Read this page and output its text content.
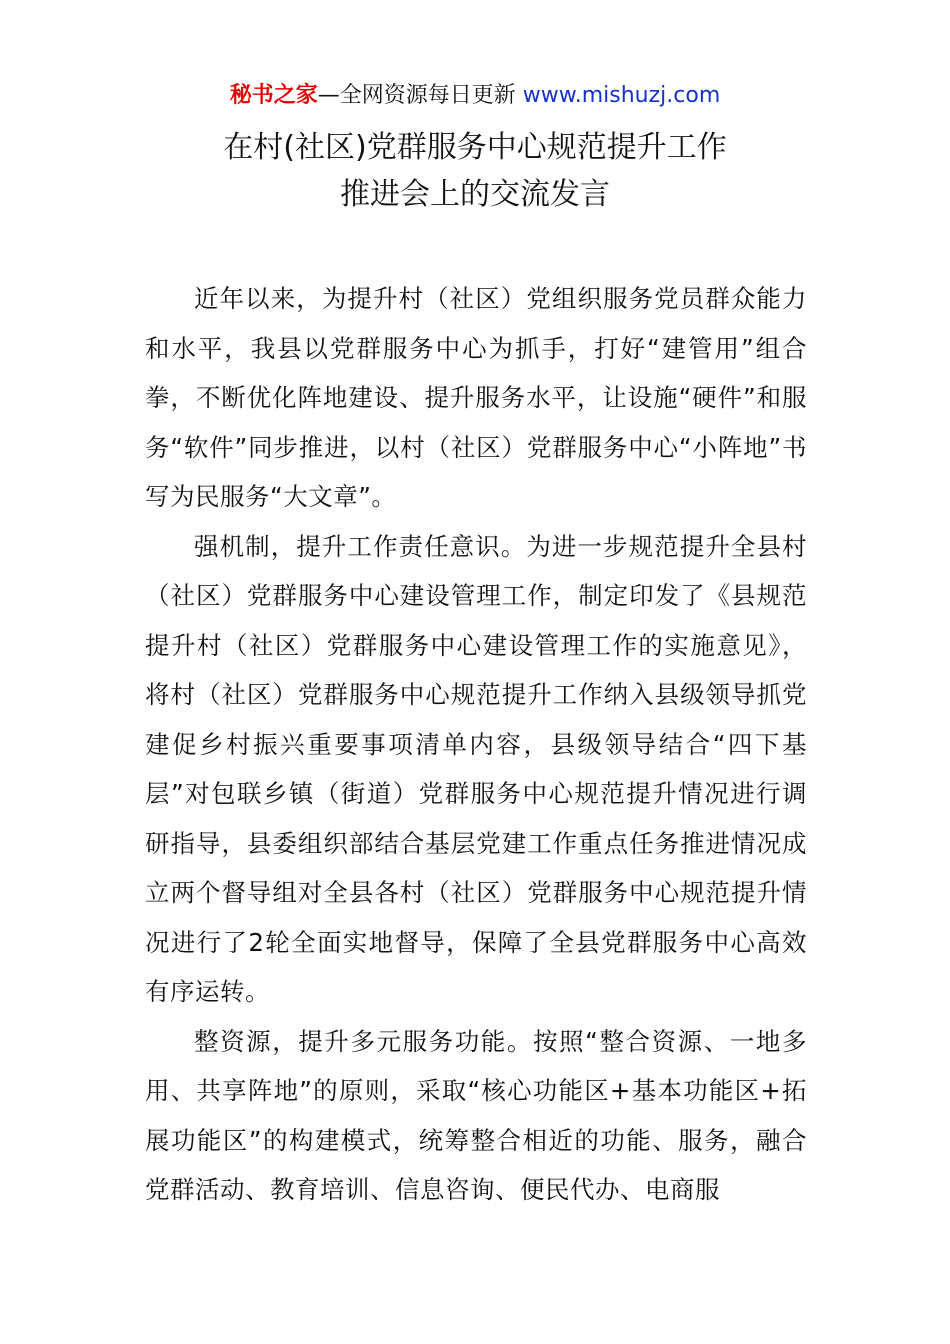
秘书之家—全网资源每日更新 www.mishuzj.com
在村(社区)党群服务中心规范提升工作
推进会上的交流发言

近年以来，为提升村（社区）党组织服务党员群众能力和水平，我县以党群服务中心为抓手，打好“建管用”组合拳，不断优化阵地建设、提升服务水平，让设施“硬件”和服务“软件”同步推进，以村（社区）党群服务中心“小阵地”书写为民服务“大文章”。

强机制，提升工作责任意识。为进一步规范提升全县村（社区）党群服务中心建设管理工作，制定印发了《县规范提升村（社区）党群服务中心建设管理工作的实施意见》，将村（社区）党群服务中心规范提升工作纳入县级领导抓党建促乡村振兴重要事项清单内容，县级领导结合“四下基层”对包联乡镇（街道）党群服务中心规范提升情况进行调研指导，县委组织部结合基层党建工作重点任务推进情况成立两个督导组对全县各村（社区）党群服务中心规范提升情况进行了2轮全面实地督导，保障了全县党群服务中心高效有序运转。

整资源，提升多元服务功能。按照“整合资源、一地多用、共享阵地”的原则，采取“核心功能区+基本功能区+拓展功能区”的构建模式，统筹整合相近的功能、服务，融合党群活动、教育培训、信息咨询、便民代办、电商服
